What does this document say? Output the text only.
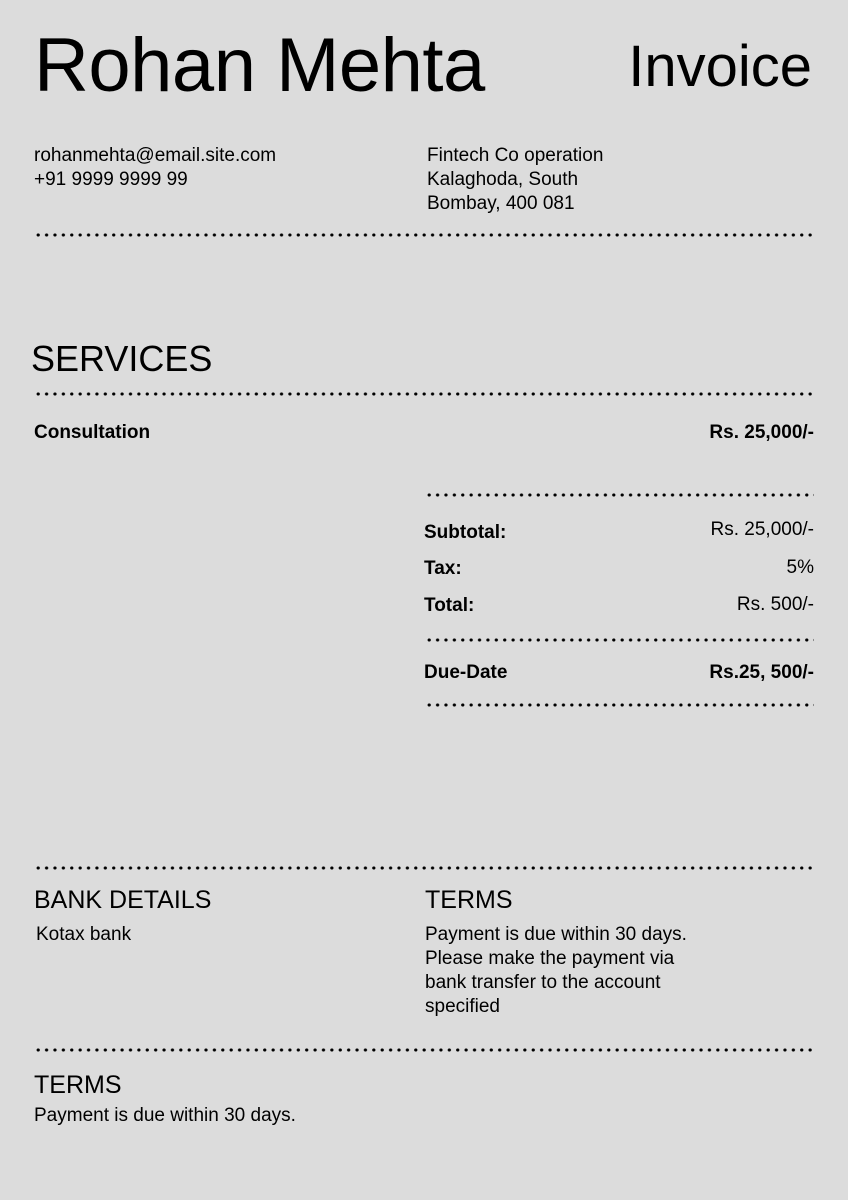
Rohan Mehta Invoice
rohanmehta@email.site.com
+91 9999 9999 99
Fintech Co operation
Kalaghoda, South
Bombay, 400 081
SERVICES
Consultation	Rs. 25,000/-
Subtotal:	Rs. 25,000/-
Tax:	5%
Total:	Rs. 500/-
Due-Date	Rs.25, 500/-
BANK DETAILS
Kotax bank
TERMS
Payment is due within 30 days.
Please make the payment via
bank transfer to the account
specified
TERMS
Payment is due within 30 days.
